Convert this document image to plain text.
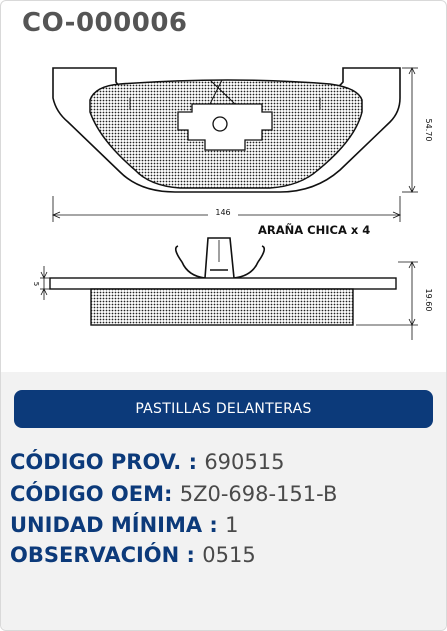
CO-000006
54.70
146
ARAÑA CHICA x 4
5
19.60
PASTILLAS DELANTERAS
CÓDIGO PROV. : 690515
CÓDIGO OEM: 5Z0-698-151-B
UNIDAD MÍNIMA : 1
OBSERVACIÓN : 0515
